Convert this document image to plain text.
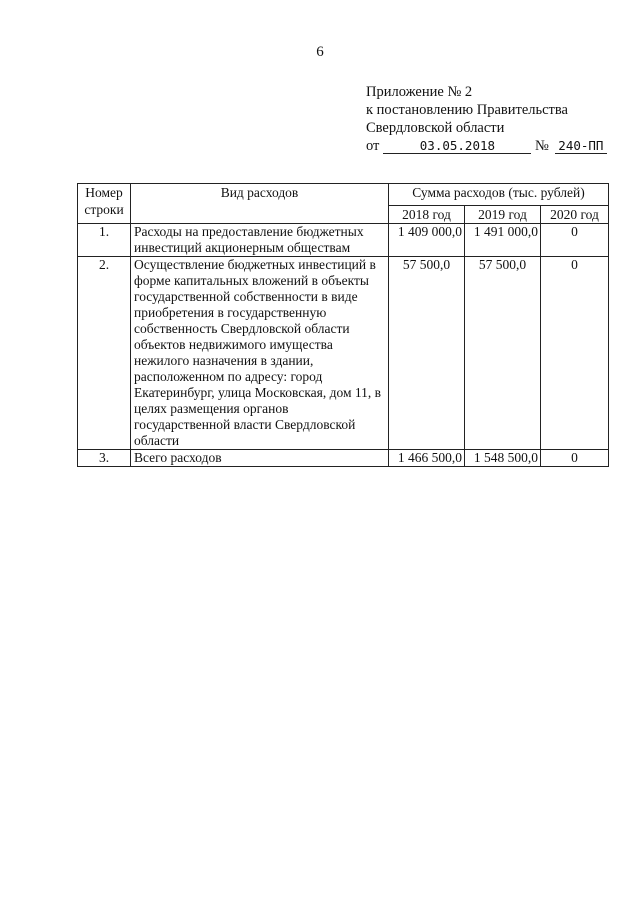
6
Приложение № 2
к постановлению Правительства
Свердловской области
от	03.05.2018	№ 240-ПП
Номер строки	Вид расходов	Сумма расходов (тыс. рублей)		
		2018 год	2019 год	2020 год
1.	Расходы на предоставление бюджетных инвестиций акционерным обществам	1 409 000,0	1 491 000,0	0
2.	Осуществление бюджетных инвестиций в форме капитальных вложений в объекты государственной собственности в виде приобретения в государственную собственность Свердловской области объектов недвижимого имущества нежилого назначения в здании, расположенном по адресу: город Екатеринбург, улица Московская, дом 11, в целях размещения органов государственной власти Свердловской области	57 500,0	57 500,0	0
3.	Всего расходов	1 466 500,0	1 548 500,0	0
